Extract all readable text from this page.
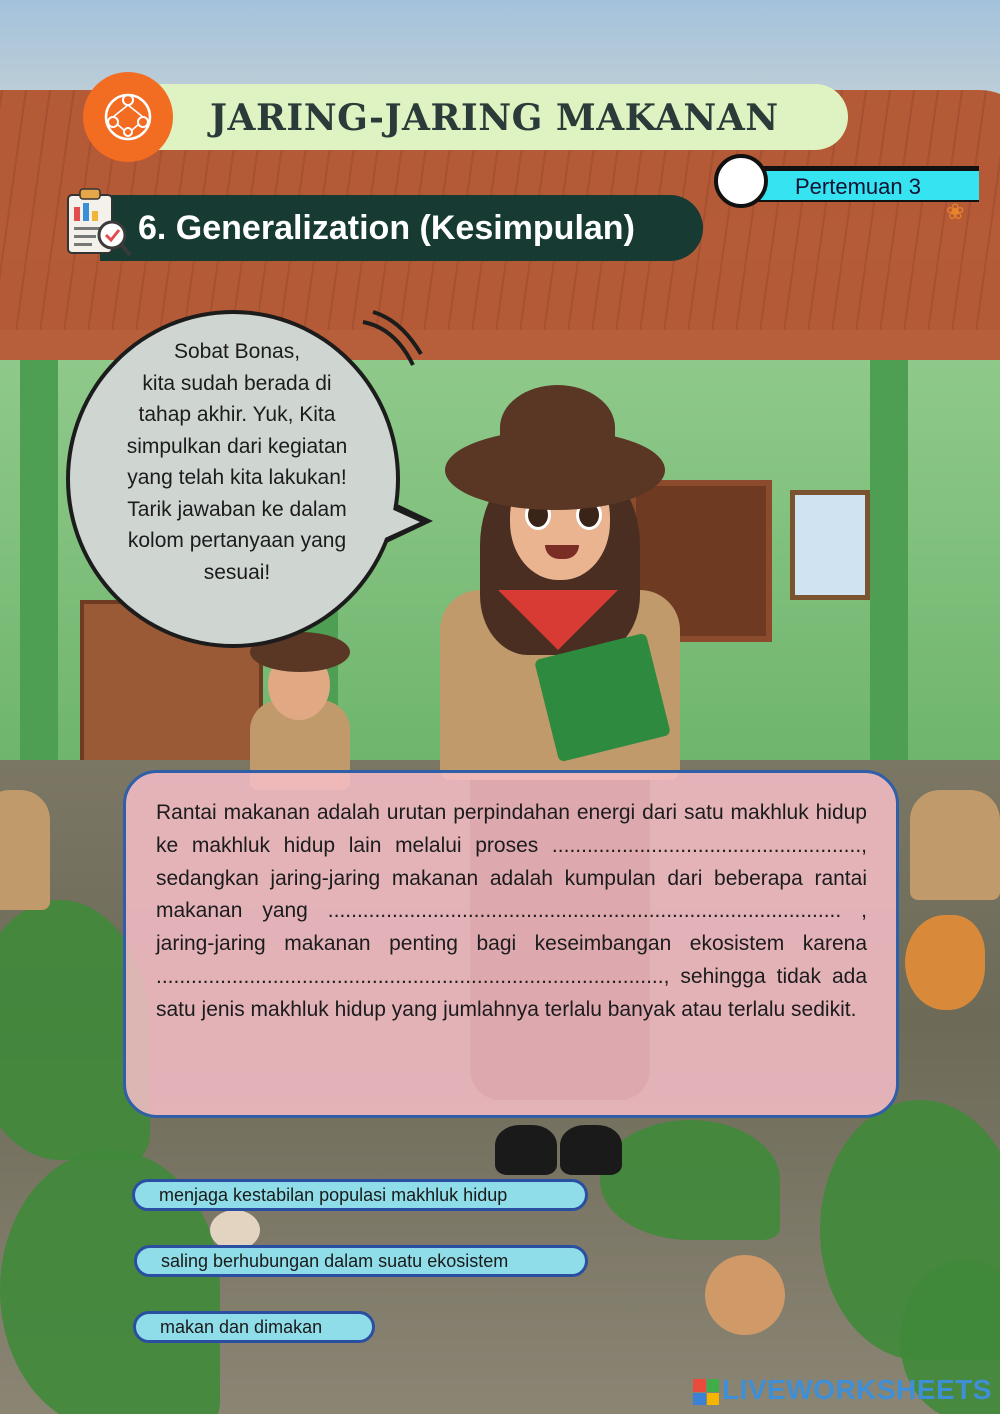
JARING-JARING MAKANAN
Pertemuan 3
❀
6. Generalization (Kesimpulan)
Sobat Bonas,
kita sudah berada di
tahap akhir. Yuk, Kita
simpulkan dari kegiatan
yang telah kita lakukan!
Tarik jawaban ke dalam
kolom pertanyaan yang
sesuai!
Rantai makanan adalah urutan perpindahan energi dari satu makhluk hidup ke makhluk hidup lain melalui proses ....................................................., sedangkan jaring-jaring makanan adalah kumpulan dari beberapa rantai makanan yang ........................................................................................ , jaring-jaring makanan penting bagi keseimbangan ekosistem karena ......................................................................................., sehingga tidak ada satu jenis makhluk hidup yang jumlahnya terlalu banyak atau terlalu sedikit.
menjaga kestabilan populasi makhluk hidup
saling berhubungan dalam suatu ekosistem
makan dan dimakan
LIVEWORKSHEETS
